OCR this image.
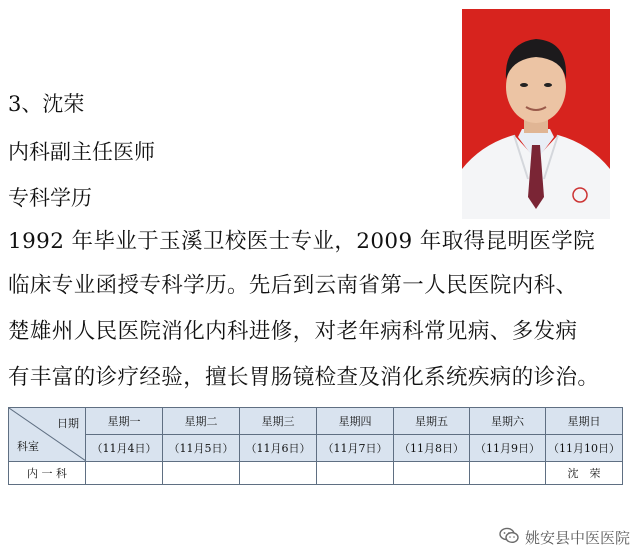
3、沈荣

内科副主任医师

专科学历

1992 年毕业于玉溪卫校医士专业，2009 年取得昆明医学院

临床专业函授专科学历。先后到云南省第一人民医院内科、

楚雄州人民医院消化内科进修，对老年病科常见病、多发病

有丰富的诊疗经验，擅长胃肠镜检查及消化系统疾病的诊治。

日期
科室	星期一	星期二	星期三	星期四	星期五	星期六	星期日
	（11月4日）	（11月5日）	（11月6日）	（11月7日）	（11月8日）	（11月9日）	（11月10日）
内 一 科							沈　荣
姚安县中医医院
